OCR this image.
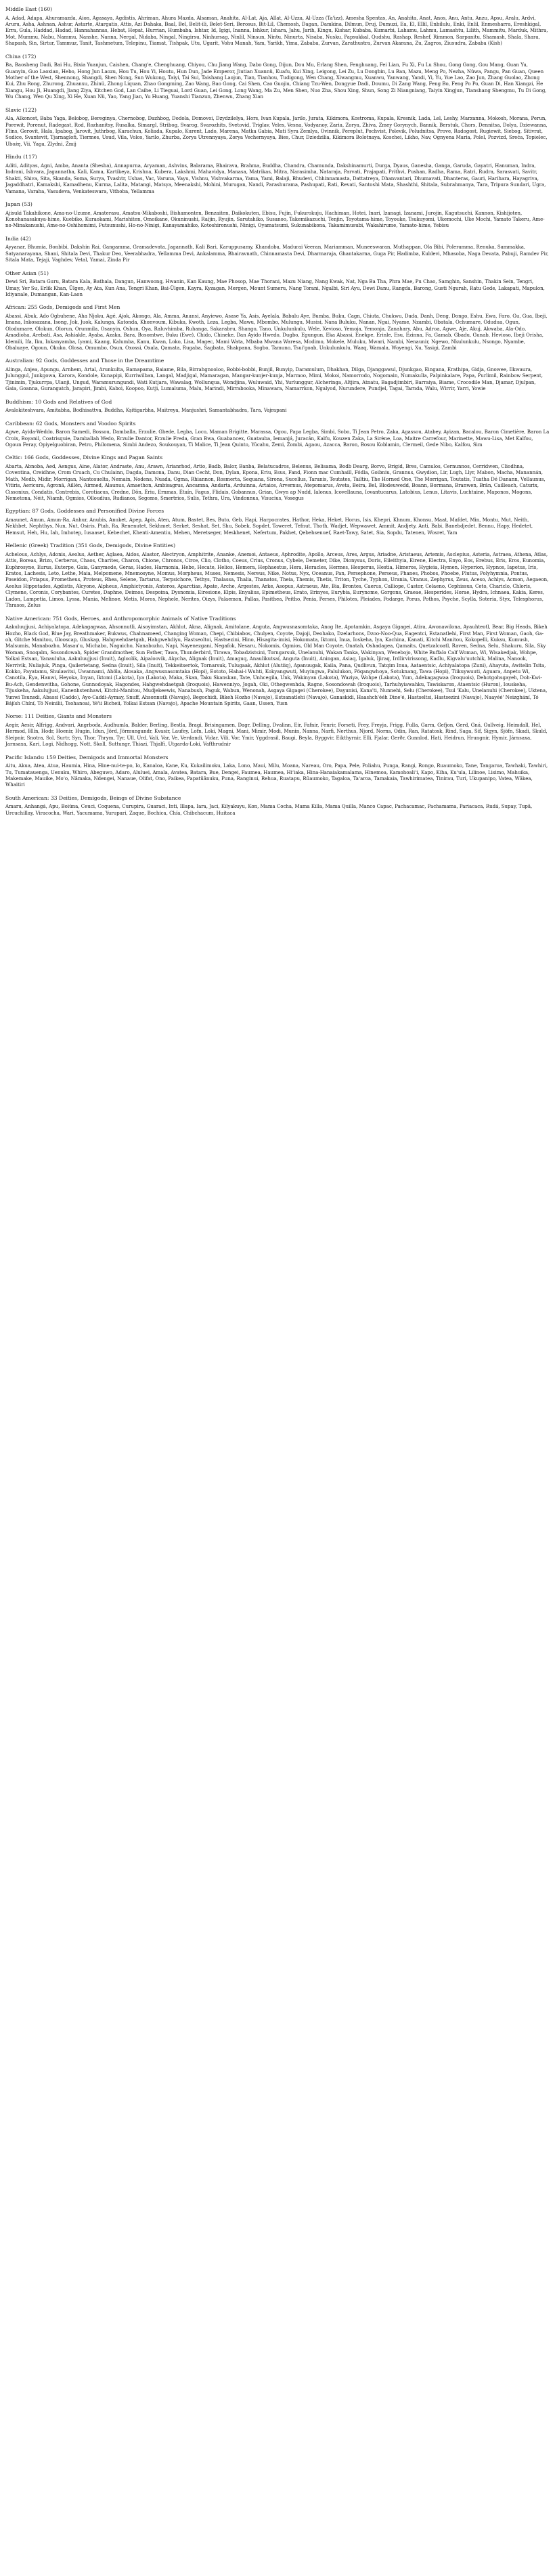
Middle East (160)

A, Adad, Adapa, Ahuramazda, Aion, Agasaya, Agdistis, Ahriman, Ahura Mazda, Alsaman, Anahita, Al-Lat, Aja, Allat, Al-Uzza, Al-Uzza (Ta'izz), Amesha Spentas, An, Anahita, Anat, Anos, Anu, Antu, Anzu, Apsu, Aralu, Ardvi, Aruru, Asha, Ashnan, Ashur, Astarte, Atargatis, Attis, Azi Dahaka, Baal, Bel, Belit-ili, Belet-Seri, Berosus, Bit-Lil, Chemosh, Dagan, Damkina, Dilmun, Druj, Dumuzi, Ea, El, Ellil, Enbilulu, Enki, Enlil, Enmesharra, Ereshkigal, Erra, Gula, Haddad, Hadad, Hannahannas, Hebat, Hepat, Hurrian, Humbaba, Ishtar, Id, Igigi, Inanna, Ishkur, Ishara, Jahu, Jarih, Kingu, Kishar, Kubaba, Kumarbi, Lahamu, Lahmu, Lamashtu, Lilith, Mammitu, Marduk, Mithra, Mot, Mummu, Nabu, Nammu, Nanshe, Nanna, Nergal, Nidaba, Ningal, Ningirsu, Ninhursag, Ninlil, Ninsun, Nintu, Ninurta, Nisaba, Nusku, Papsukkal, Qudshu, Rashap, Reshef, Rimmon, Sarpanitu, Shamash, Shala, Shara, Shapash, Sin, Sirtur, Tammuz, Tanit, Tashmetum, Telepinu, Tiamat, Tishpak, Utu, Ugarit, Vohu Manah, Yam, Yarikh, Yima, Zababa, Zurvan, Zarathustra, Zurvan Akarana, Zu, Zagros, Ziusudra, Zababa (Kish)

China (172)

Ba, Baosheng Dadi, Bai Hu, Bixia Yuanjun, Caishen, Chang'e, Chenghuang, Chiyou, Chu Jiang Wang, Dabo Gong, Dijun, Dou Mu, Erlang Shen, Fenghuang, Fei Lian, Fu Xi, Fu Lu Shou, Gong Gong, Gou Mang, Guan Yu, Guanyin, Guo Laoxian, Hebo, Hong Jun Laozu, Hou Tu, Hou Yi, Houtu, Hun Dun, Jade Emperor, Jiutian Xuannü, Kuafu, Kui Xing, Leigong, Lei Zu, Lu Dongbin, Lu Ban, Mazu, Meng Po, Nezha, Nüwa, Pangu, Pan Guan, Queen Mother of the West, Shennong, Shangdi, Shen Nong, Sun Wukong, Taiyi, Tai Sui, Taishang Laojun, Tian, Tianhou, Tudigong, Wen Chang, Xiwangmu, Xuanwu, Yanwang, Yandi, Yi, Yu, Yue Lao, Zao Jun, Zhang Guolao, Zhong Kui, Zhu Rong, Zhurong, Zhuanxu, Zhinü, Zhong Liquan, Zhao Gongming, Zao Wang, Bao Gong, Cai Shen, Cao Guojiu, Chiang Tzu-Wen, Dongyue Dadi, Doumu, Di Zang Wang, Feng Bo, Feng Po Po, Guan Di, Han Xiangzi, He Xiangu, Hou Ji, Huangdi, Jiang Ziya, Kitchen God, Lan Caihe, Li Tieguai, Lord Guan, Lei Gong, Long Wang, Ma Zu, Men Shen, Nuo Zha, Shou Xing, Shun, Song Zi Niangniang, Taiyin Xingjun, Tianshang Shengmu, Tu Di Gong, Wu Chang, Wen Qu Xing, Xi He, Xuan Nü, Yao, Yang Jian, Yu Huang, Yuanshi Tianzun, Zhenwu, Zhang Xian

Slavic (122)

Ala, Alkonost, Baba Yaga, Belobog, Bereginya, Chernobog, Dazhbog, Dodola, Domovoi, Dzydzilelya, Hors, Ivan Kupala, Jarilo, Jurata, Kikimora, Kostroma, Kupala, Kresnik, Lada, Lel, Leshy, Marzanna, Mokosh, Morana, Perun, Porewit, Porenut, Radegast, Rod, Rozhanitsy, Rusalka, Simargl, Stribog, Svarog, Svarozhits, Svetovid, Triglav, Veles, Vesna, Vodyanoy, Zaria, Zorya, Zhiva, Zmey Gorynych, Bannik, Berstuk, Chors, Dennitsa, Dolya, Dziewanna, Flins, Gerovit, Hala, Ipabog, Jarovit, Juthrbog, Karachun, Koliada, Kupalo, Kurent, Lado, Marena, Matka Gabia, Mati Syra Zemlya, Ovinnik, Pereplut, Pochvist, Polevik, Poludnitsa, Prove, Radogost, Rugiewit, Siebog, Sitivrat, Sudice, Svantevit, Tjarnaglofi, Tiermes, Usud, Vila, Volos, Yarilo, Zhurba, Zorya Utrennyaya, Zorya Vechernyaya, Bies, Chur, Dziedzilia, Kikimora Bolotnaya, Koschei, Likho, Nav, Ognyena Maria, Polel, Pozvizd, Sreća, Topielec, Ubożę, Vii, Yaga, Zlydni, Żmij

Hindu (117)

Aditi, Adityas, Agni, Amba, Ananta (Shesha), Annapurna, Aryaman, Ashvins, Balarama, Bhairava, Brahma, Buddha, Chandra, Chamunda, Dakshinamurti, Durga, Dyaus, Ganesha, Ganga, Garuda, Gayatri, Hanuman, Indra, Indrani, Ishvara, Jagannatha, Kali, Kama, Kartikeya, Krishna, Kubera, Lakshmi, Mahavidya, Manasa, Matrikas, Mitra, Narasimha, Nataraja, Parvati, Prajapati, Prithvi, Pushan, Radha, Rama, Ratri, Rudra, Sarasvati, Savitr, Shakti, Shiva, Sita, Skanda, Soma, Surya, Tvashtr, Ushas, Vac, Varuna, Vayu, Vishnu, Vishvakarma, Yama, Yami, Balaji, Bhudevi, Chhinnamasta, Dattatreya, Dhanvantari, Dhumavati, Dhanteras, Gauri, Harihara, Hayagriva, Jagaddhatri, Kamakshi, Kamadhenu, Kurma, Lalita, Matangi, Matsya, Meenakshi, Mohini, Murugan, Nandi, Parashurama, Pashupati, Rati, Revati, Santoshi Mata, Shashthi, Shitala, Subrahmanya, Tara, Tripura Sundari, Ugra, Vamana, Varaha, Vasudeva, Venkateswara, Vithoba, Yellamma

Japan (53)

Ajisuki Takahikone, Ama-no-Uzume, Amaterasu, Amatsu-Mikaboshi, Bishamonten, Benzaiten, Daikokuten, Ebisu, Fujin, Fukurokuju, Hachiman, Hotei, Inari, Izanagi, Izanami, Jurojin, Kagutsuchi, Kannon, Kishijoten, Konohanasakuya-hime, Kuebiko, Kuraokami, Marishiten, Omoikane, Okuninushi, Raijin, Ryujin, Sarutahiko, Susanoo, Takemikazuchi, Tenjin, Toyotama-hime, Toyouke, Tsukuyomi, Ukemochi, Uke Mochi, Yamato Takeru, Ame-no-Minakanushi, Ame-no-Oshihomimi, Futsunushi, Ho-no-Ninigi, Kanayamahiko, Kotoshironushi, Ninigi, Oyamatsumi, Sukunabikona, Takamimusubi, Wakahirume, Yamato-hime, Yebisu

India (42)

Ayyanar, Bhumia, Bonbibi, Dakshin Rai, Gangamma, Gramadevata, Jagannath, Kali Bari, Karuppusamy, Khandoba, Madurai Veeran, Mariamman, Muneeswaran, Muthappan, Ola Bibi, Poleramma, Renuka, Sammakka, Satyanarayana, Shani, Shitala Devi, Thakur Deo, Veerabhadra, Yellamma Devi, Ankalamma, Bhairavnath, Chinnamasta Devi, Dharmaraja, Ghantakarna, Guga Pir, Hadimba, Kuldevi, Mhasoba, Naga Devata, Pabuji, Ramdev Pir, Sitala Mata, Tejaji, Vaghdev, Vetal, Yamai, Zinda Pir

Other Asian (51)

Dewi Sri, Batara Guru, Batara Kala, Bathala, Dangun, Hanwoong, Hwanin, Kan Kaung, Mae Phosop, Mae Thorani, Mazu Niang, Nang Kwak, Nat, Nga Ba Tha, Phra Mae, Pu Chao, Samghin, Sanshin, Thakin Sein, Tengri, Umay, Yer Su, Erlik Khan, Ülgen, Ay Ata, Kun Ana, Tengri Khan, Bai-Ülgen, Kayra, Kyzagan, Mergen, Mount Sumeru, Nang Torani, Ngalbi, Siri Ayu, Dewi Danu, Rangda, Barong, Gusti Ngurah, Ratu Gede, Lakapati, Mapulon, Idiyanale, Dumangan, Kan-Laon

African: 255 Gods, Demigods and First Men

Abassi, Abuk, Ado Ogbuhene, Aha Njoku, Agé, Ajok, Akongo, Ala, Amma, Anansi, Anyiewo, Asase Ya, Asis, Ayelala, Babalu Aye, Bumba, Buku, Cagn, Chiuta, Chukwu, Dada, Danh, Deng, Dongo, Eshu, Ewa, Faro, Gu, Gua, Ibeji, Imana, Inkosazana, Isong, Jok, Juok, Kalunga, Katonda, Khonvoum, Kibuka, Kwoth, Leza, Legba, Mawu, Mbombo, Mulungu, Musisi, Nana Buluku, Nanan, Ngai, Nyame, Nzambi, Obatala, Ochumare, Odudua, Ogun, Olodumare, Olokun, Olorun, Orunmila, Osanyin, Oshun, Oya, Raluvhimba, Ruhanga, Sakarabru, Shango, Tano, Unkulunkulu, Wele, Xevioso, Yemoja, Yemonja, Zanahary, Abu, Adroa, Agwe, Aje, Akuj, Akwaba, Ala-Odo, Amadioha, Arebati, Asa, Ashiakle, Ayaba, Azaka, Bara, Bosomtwe, Buku (Ewe), Chido, Chineke, Dan Ayido Hwedo, Dugbo, Egungun, Eka Abassi, Enekpe, Erinle, Esu, Ezinna, Fa, Gamab, Gbadu, Gunab, Hevioso, Ibeji Orisha, Idemili, Ifa, Iku, Inkanyamba, Iyami, Kaang, Kalumba, Kanu, Kwan, Loko, Lisa, Magec, Mami Wata, Mbaba Mwana Waresa, Modimo, Mokele, Muluku, Mwari, Nambi, Nenaunir, Ngewo, Nkulunkulu, Nsongo, Nyambe, Obaluaye, Ogoun, Okuko, Olosa, Omumbo, Osun, Oxossi, Oxala, Qamata, Rugaba, Sagbata, Shakpana, Sogbo, Tamuno, Tsui'goab, Unkulunkulu, Waaq, Wamala, Woyengi, Xu, Yasigi, Zambi

Australian: 92 Gods, Goddesses and Those in the Dreamtime

Alinga, Anjea, Apungu, Arnhem, Artal, Arunkulta, Bamapama, Baiame, Bila, Birrahgnooloo, Bobbi-bobbi, Bunjil, Bunyip, Daramulum, Dhakhan, Dilga, Djanggawul, Djunkgao, Eingana, Erathipa, Gidja, Gnowee, Ilkwaura, Julunggul, Junkgowa, Karora, Kondole, Kunapipi, Kurriwilban, Langal, Madjigal, Mamaragan, Mangar-kunjer-kunja, Marmoo, Mimi, Mokoi, Namorrodo, Nogomain, Numakulla, Palpinkalare, Papa, Purlimil, Rainbow Serpent, Tjinimin, Tjukurrpa, Ulanji, Ungud, Waramurungundi, Wati Kutjara, Wawalag, Wollunqua, Wondjina, Wuluwaid, Yhi, Yurlunggur, Alcheringa, Altjira, Atnatu, Bagadjimbiri, Barraiya, Biame, Crocodile Man, Djamar, Djulpan, Gaia, Goanna, Gurangatch, Jarapiri, Jimbi, Kaboi, Koopoo, Kutji, Lumaluma, Malu, Marindi, Mirrabooka, Minawara, Namarrkon, Ngalyod, Nurundere, Pundjel, Tagai, Tarnda, Walu, Wirrir, Yarri, Yowie

Buddhism: 10 Gods and Relatives of God

Avalokiteshvara, Amitabha, Bodhisattva, Buddha, Kṣitigarbha, Maitreya, Manjushri, Samantabhadra, Tara, Vajrapani

Caribbean: 62 Gods, Monsters and Voodoo Spirits

Agwe, Ayida-Weddo, Baron Samedi, Bossou, Damballa, Erzulie, Ghede, Legba, Loco, Maman Brigitte, Marassa, Ogou, Papa Legba, Simbi, Sobo, Ti Jean Petro, Zaka, Agassou, Atabey, Ayizan, Bacalou, Baron Cimetière, Baron La Croix, Boyanil, Coatrisquie, Damballah Wedo, Erzulie Dantor, Erzulie Freda, Gran Bwa, Guabancex, Guatauba, Iemanjá, Juracán, Kalfu, Kouzen Zaka, La Sirène, Loa, Maitre Carrefour, Marinette, Mawu-Lisa, Met Kalfou, Ogoun Feray, Opiyelguobiran, Petro, Philomena, Simbi Andezo, Soukouyan, Ti Malice, Ti Jean Quinto, Yúcahu, Zemi, Zombi, Agaou, Azacca, Baron, Bosou Koblamin, Clermeil, Gede Nibo, Kalfou, Sim

Celtic: 166 Gods, Goddesses, Divine Kings and Pagan Saints

Abarta, Abnoba, Aed, Aengus, Aine, Alator, Andraste, Anu, Arawn, Arianrhod, Artio, Badb, Balor, Banba, Belatucadros, Belenus, Belisama, Bodb Dearg, Borvo, Brigid, Bres, Camulos, Cernunnos, Cerridwen, Cliodhna, Coventina, Creidhne, Crom Cruach, Cu Chulainn, Dagda, Damona, Danu, Dian Cecht, Don, Dylan, Epona, Eriu, Esus, Fand, Fionn mac Cumhaill, Fódla, Goibniu, Grannus, Gwydion, Lir, Lugh, Llyr, Mabon, Macha, Manannán, Math, Medb, Midir, Morrigan, Nantosuelta, Nemain, Nodens, Nuada, Ogma, Rhiannon, Rosmerta, Sequana, Sirona, Sucellus, Taranis, Teutates, Tailtiu, The Horned One, The Morrigan, Toutatis, Tuatha Dé Danann, Vellaunus, Vitiris, Aericura, Agronā, Aillén, Airmed, Alaunus, Amaethon, Ambisagrus, Ancamna, Andarta, Arduinna, Artaios, Arvernus, Atepomarus, Aveta, Beira, Bel, Blodeuwedd, Boann, Bormana, Branwen, Brân, Cailleach, Caturix, Cissonius, Condatis, Contrebis, Corotiacus, Credne, Dôn, Ériu, Ernmas, Étaín, Fagus, Flidais, Gobannus, Grian, Gwyn ap Nudd, Ialonus, Icovellauna, Iovantucarus, Latobius, Lenus, Litavis, Luchtaine, Maponos, Mogons, Nemetona, Néit, Niamh, Ogmios, Olloudius, Rudianos, Segomo, Smertrios, Sulis, Tethra, Ura, Vindonnus, Visucius, Vosegus

Egyptian: 87 Gods, Goddesses and Personified Divine Forces

Amaunet, Amun, Amun-Ra, Anhur, Anubis, Anuket, Apep, Apis, Aten, Atum, Bastet, Bes, Buto, Geb, Hapi, Harpocrates, Hathor, Heka, Heket, Horus, Isis, Khepri, Khnum, Khonsu, Maat, Mafdet, Min, Montu, Mut, Neith, Nekhbet, Nephthys, Nun, Nut, Osiris, Ptah, Ra, Renenutet, Sekhmet, Serket, Seshat, Set, Shu, Sobek, Sopdet, Taweret, Tefnut, Thoth, Wadjet, Wepwawet, Ammit, Andjety, Anti, Babi, Banebdjedet, Bennu, Hapy, Hedetet, Hemsut, Heh, Hu, Iah, Imhotep, Iusaaset, Kebechet, Khenti-Amentiu, Mehen, Meretseger, Meskhenet, Nefertum, Pakhet, Qebehsenuef, Raet-Tawy, Satet, Sia, Sopdu, Tatenen, Wosret, Yam

Hellenic (Greek) Tradition (351 Gods, Demigods, Divine Entities)

Achelous, Achlys, Adonis, Aeolus, Aether, Aglaea, Aidos, Alastor, Alectryon, Amphitrite, Ananke, Anemoi, Antaeus, Aphrodite, Apollo, Arceus, Ares, Argus, Ariadne, Aristaeus, Artemis, Asclepius, Asteria, Astraea, Athena, Atlas, Attis, Boreas, Brizo, Cerberus, Chaos, Charites, Charon, Chione, Chronos, Circe, Clio, Clotho, Coeus, Crius, Cronus, Cybele, Demeter, Dike, Dionysus, Doris, Eileithyia, Eirene, Electra, Enyo, Eos, Erebus, Eris, Eros, Eunomia, Euphrosyne, Eurus, Euterpe, Gaia, Ganymede, Geras, Hades, Harmonia, Hebe, Hecate, Helios, Hemera, Hephaestus, Hera, Heracles, Hermes, Hesperus, Hestia, Himeros, Hygieia, Hymen, Hyperion, Hypnos, Iapetus, Iris, Kratos, Lachesis, Leto, Lethe, Maia, Melpomene, Mnemosyne, Momus, Morpheus, Muses, Nemesis, Nereus, Nike, Notus, Nyx, Oceanus, Pan, Persephone, Perseus, Phanes, Phobos, Phoebe, Plutus, Polyhymnia, Pontus, Poseidon, Priapus, Prometheus, Proteus, Rhea, Selene, Tartarus, Terpsichore, Tethys, Thalassa, Thalia, Thanatos, Theia, Themis, Thetis, Triton, Tyche, Typhon, Urania, Uranus, Zephyrus, Zeus, Aceso, Achlys, Acmon, Aegaeon, Aeolus Hippotades, Agdistis, Alcyone, Alpheus, Amphictyonis, Anteros, Aparctias, Apate, Arche, Argestes, Arke, Asopus, Astraeus, Ate, Bia, Brontes, Caerus, Calliope, Castor, Celaeno, Cephissus, Ceto, Chariclo, Chloris, Clymene, Coronis, Corybantes, Curetes, Daphne, Deimos, Despoina, Dysnomia, Eiresione, Elpis, Enyalius, Epimetheus, Erato, Erinyes, Eurybia, Eurynome, Gorgons, Graeae, Hesperides, Horae, Hydra, Ichnaea, Kakia, Keres, Ladon, Lampetia, Limos, Lyssa, Mania, Melinoe, Metis, Moros, Nephele, Nerites, Oizys, Palaemon, Pallas, Pasithea, Peitho, Penia, Perses, Philotes, Pleiades, Podarge, Porus, Pothos, Psyche, Scylla, Soteria, Styx, Telesphorus, Thrasos, Zelus

Native American: 751 Gods, Heroes, and Anthropomorphic Animals of Native Traditions

Aakuluujjusi, Achiyalatopa, Adekagagwaa, Ahsonnutli, Aisoyimstan, Akhlut, Akna, Alignak, Amitolane, Anguta, Angwusnasomtaka, Anog Ite, Apotamkin, Asgaya Gigagei, Atira, Awonawilona, Ayauhteotl, Bear, Big Heads, Bikeh Hozho, Black God, Blue Jay, Breathmaker, Bukwus, Chahnameed, Changing Woman, Chepi, Chibiabos, Chulyen, Coyote, Dajoji, Deohako, Dzelarhons, Dzoo-Noo-Qua, Eagentci, Estanatlehi, First Man, First Woman, Gaoh, Ga-oh, Gitche Manitou, Glooscap, Gluskap, Hahgwehdaetgah, Hahgwehdiyu, Hastseoltoi, Hastsezini, Hino, Hisagita-imisi, Hokomata, Iktomi, Inua, Ioskeha, Iya, Kachina, Kanati, Kitchi Manitou, Kokopelli, Kuksu, Kumush, Malsumis, Manabozho, Masau'u, Michabo, Nagaicho, Nanabozho, Napi, Nayenezgani, Negafok, Nesaru, Nokomis, Ogmios, Old Man Coyote, Onatah, Oshadagea, Qamaits, Quetzalcoatl, Raven, Sedna, Selu, Shakuru, Sila, Sky Woman, Snoqalm, Sosondowah, Spider Grandmother, Sun Father, Tawa, Thunderbird, Tirawa, Tobadzistsini, Torngarsuk, Unelanuhi, Wakan Tanka, Wakinyan, Wenebojo, White Buffalo Calf Woman, Wi, Wisakedjak, Wohpe, Yolkai Estsan, Yanauluha, Aakuluujjusi (Inuit), Agloolik, Aipaloovik, Akycha, Alignak (Inuit), Amaguq, Anaulikutsaí, Anguta (Inuit), Aningan, Asiaq, Igaluk, Ijiraq, Irdlirvirissong, Kadlu, Kigvalu'uutchik, Malina, Nanook, Nerrivik, Nuliajuk, Pinga, Qailertetang, Sedna (Inuit), Sila (Inuit), Tekkeitsertok, Tornarsuk, Tulugaak, Akhlut (Alutiiq), Apanuugak, Kaila, Pana, Qudlivun, Tatqim Inua, Aataentsic, Achiyalatopa (Zuni), Ahayuta, Awitelin Tsita, Kokko, Payatamu, Shulawitsi, Uwannami, Ahöla, Alosaka, Angwusnasomtaka (Hopi), Eototo, Hahai-i Wuhti, Kokyangwuti, Muyingwa, Palulukon, Pöqangwhoya, Sotuknang, Tawa (Hopi), Tiikuywuuti, Aguara, Anpetu Wi, Canotila, Eya, Hanwi, Heyoka, Inyan, Iktomi (Lakota), Iya (Lakota), Maka, Skan, Taku Skanskan, Tate, Unhcegila, Unk, Wakinyan (Lakota), Waziya, Wohpe (Lakota), Yum, Adekagagwaa (Iroquois), Dehotgohsgayeh, Doh-Kwi-Bu-Ach, Gendenwitha, Gohone, Gunnodoyak, Hagondes, Hahgwehdaetgah (Iroquois), Hawenniyo, Jogah, Oki, Othegwenhda, Ragno, Sosondowah (Iroquois), Tarhuhyiawahku, Tawiskaron, Ataentsic (Huron), Iouskeha, Tijuskeha, Aakulujjusi, Kanenhstenhawi, Kitchi-Manitou, Mudjekeewis, Nanabush, Paguk, Wabun, Wenonah, Asgaya Gigagei (Cherokee), Dayunisi, Kana'ti, Nunnehi, Selu (Cherokee), Tsul 'Kalu, Unelanuhi (Cherokee), Uktena, Yunwi Tsunsdi, Abassi (Caddo), Ayo-Caddi-Aymay, Snuff, Ahsonnutli (Navajo), Begochidi, Bikeh Hozho (Navajo), Estsanatlehi (Navajo), Ganaskidi, Haashch'ééh Dine'é, Hastseltsi, Hastsezini (Navajo), Naayéé' Neizghání, Tó Bájísh Chíní, Tó Neinilii, Tsohanoai, Yé'ii Bicheii, Yolkai Estsan (Navajo), Apache Mountain Spirits, Gaan, Ussen, Yusn

Norse: 111 Deities, Giants and Monsters

Aegir, Aesir, Alfrigg, Andvari, Angrboda, Audhumla, Balder, Berling, Bestla, Bragi, Brisingamen, Dagr, Delling, Dvalinn, Eir, Fafnir, Fenrir, Forseti, Frey, Freyja, Frigg, Fulla, Garm, Gefjon, Gerd, Gná, Gullveig, Heimdall, Hel, Hermod, Hlín, Hodr, Hoenir, Hugin, Idun, Jörd, Jörmungandr, Kvasir, Laufey, Lofn, Loki, Magni, Mani, Mimir, Modi, Munin, Nanna, Narfi, Nerthus, Njord, Norns, Odin, Ran, Ratatosk, Rind, Saga, Sif, Sigyn, Sjöfn, Skadi, Skuld, Sleipnir, Snotra, Sol, Surtr, Syn, Thor, Thrym, Tyr, Ull, Urd, Vali, Var, Ve, Verdandi, Vidar, Vili, Vor, Ymir, Yggdrasil, Baugi, Beyla, Byggvir, Eikthyrnir, Elli, Fjalar, Gerðr, Gunnlod, Hati, Heidrun, Hrungnir, Hymir, Járnsaxa, Jarnsaxa, Kari, Logi, Nidhogg, Nott, Skoll, Suttungr, Thiazi, Thjalfi, Utgarda-Loki, Vafthrudnir

Pacific Islands: 159 Deities, Demigods and Immortal Monsters

Aitu, Akua, Atea, Atua, Haumia, Hina, Hine-nui-te-po, Io, Kanaloa, Kane, Ku, Kukailimoku, Laka, Lono, Maui, Milu, Moana, Nareau, Oro, Papa, Pele, Poliahu, Punga, Rangi, Rongo, Ruaumoko, Tane, Tangaroa, Tawhaki, Tawhiri, Tu, Tumatauenga, Uenuku, Whiro, Abeguwo, Adaro, Aluluei, Amala, Avatea, Batara, Bue, Dengei, Faumea, Haumea, Hiʻiaka, Hina-Hanaiakamalama, Hinemoa, Kamohoaliʻi, Kapo, Kiha, Kuʻula, Lilinoe, Lisimo, Mahuika, Makemake, Mauike, Moʻo, Nāmaka, Ndengei, Nanaue, Olifat, Ono, Paikea, Papatūānuku, Puna, Ranginui, Rehua, Ruatapu, Rūaumoko, Tagaloa, Taʻaroa, Tamakaia, Tawhirimatea, Tinirau, Turi, Ukupanipo, Vatea, Wākea, Whaitiri

South American: 33 Deities, Demigods, Beings of Divine Substance

Amaru, Anhangá, Apu, Boiúna, Ceuci, Coquena, Curupira, Guaraci, Inti, Illapa, Iara, Jaci, Kilyakuyu, Kon, Mama Cocha, Mama Killa, Mama Quilla, Manco Capac, Pachacamac, Pachamama, Pariacaca, Rudá, Supay, Tupã, Urcuchillay, Viracocha, Wari, Yacumama, Yurupari, Zaque, Bochica, Chía, Chibchacum, Huitaca
